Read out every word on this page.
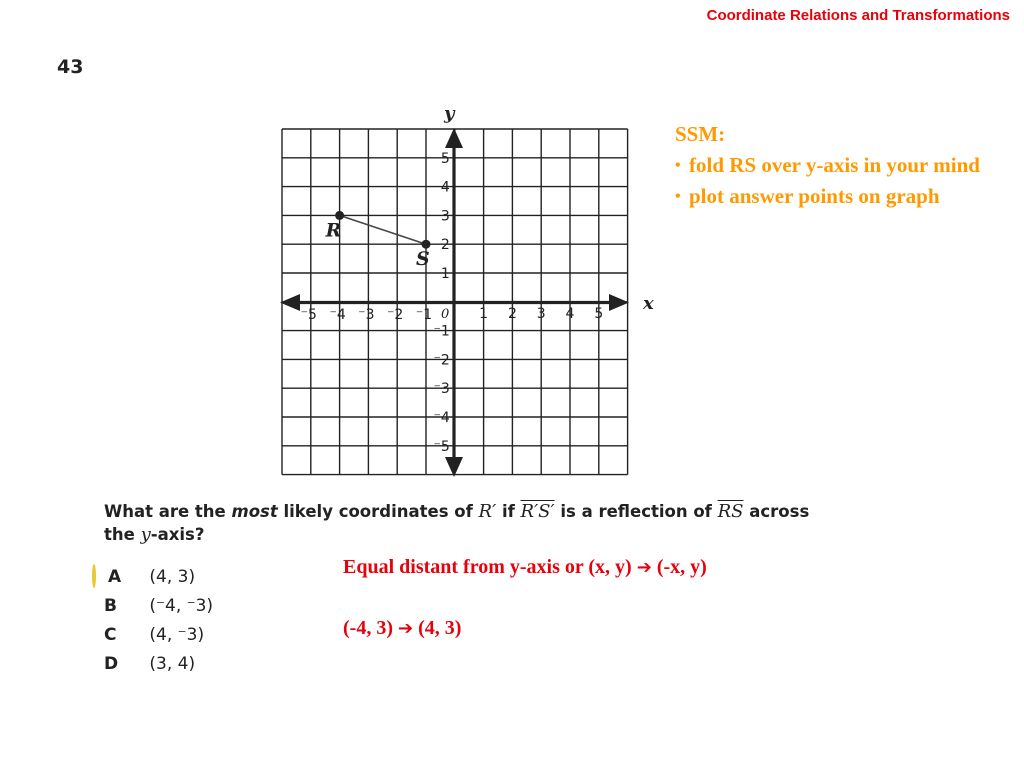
Coordinate Relations and Transformations
43
y
x
0
⁻5 ⁻4 ⁻3 ⁻2 ⁻1	1 2 3 4 5
5
4
3
2
1
⁻1
⁻2
⁻3
⁻4
⁻5
R
S
SSM:
• fold RS over y-axis in your mind
• plot answer points on graph
What are the most likely coordinates of R′ if R′S′ is a reflection of $\overline{RS}$ across
the y-axis?
A (4, 3)
B (⁻4, ⁻3)
C (4, ⁻3)
D (3, 4)
Equal distant from y-axis or (x, y) ➔ (-x, y)
(-4, 3) ➔ (4, 3)
